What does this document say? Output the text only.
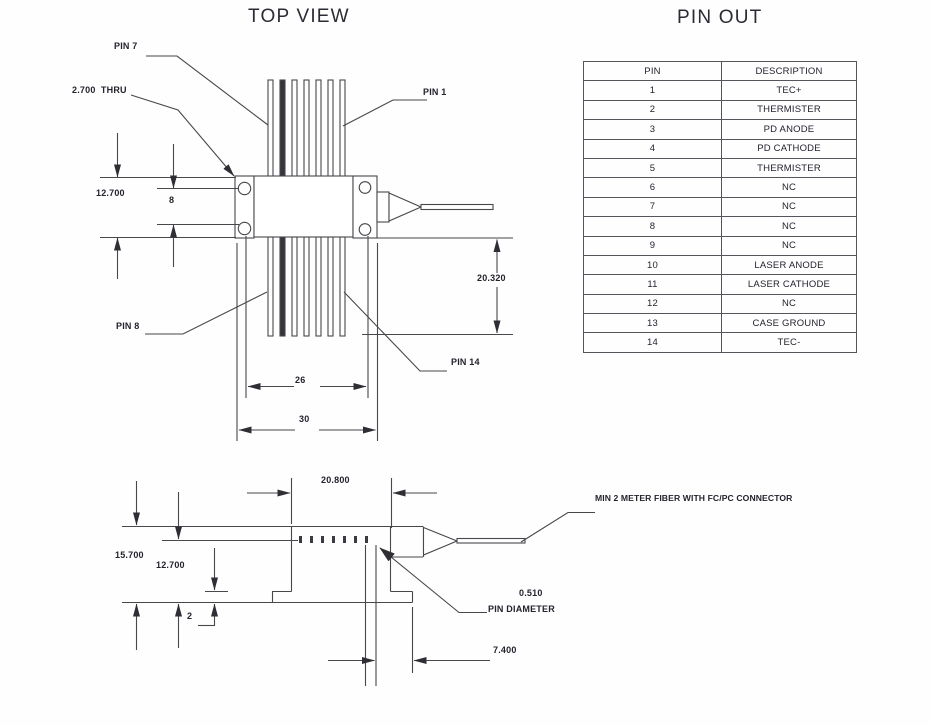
TOP VIEW	PIN OUT
PIN	DESCRIPTION
1	TEC+
2	THERMISTER
3	PD ANODE
4	PD CATHODE
5	THERMISTER
6	NC
7	NC
8	NC
9	NC
10	LASER ANODE
11	LASER CATHODE
12	NC
13	CASE GROUND
14	TEC-
PIN 7
2.700  THRU	PIN 1
12.700
8
PIN 8
PIN 14
20.320
26
30
20.800
MIN 2 METER FIBER WITH FC/PC CONNECTOR
15.700
12.700
2
0.510
PIN DIAMETER
7.400
